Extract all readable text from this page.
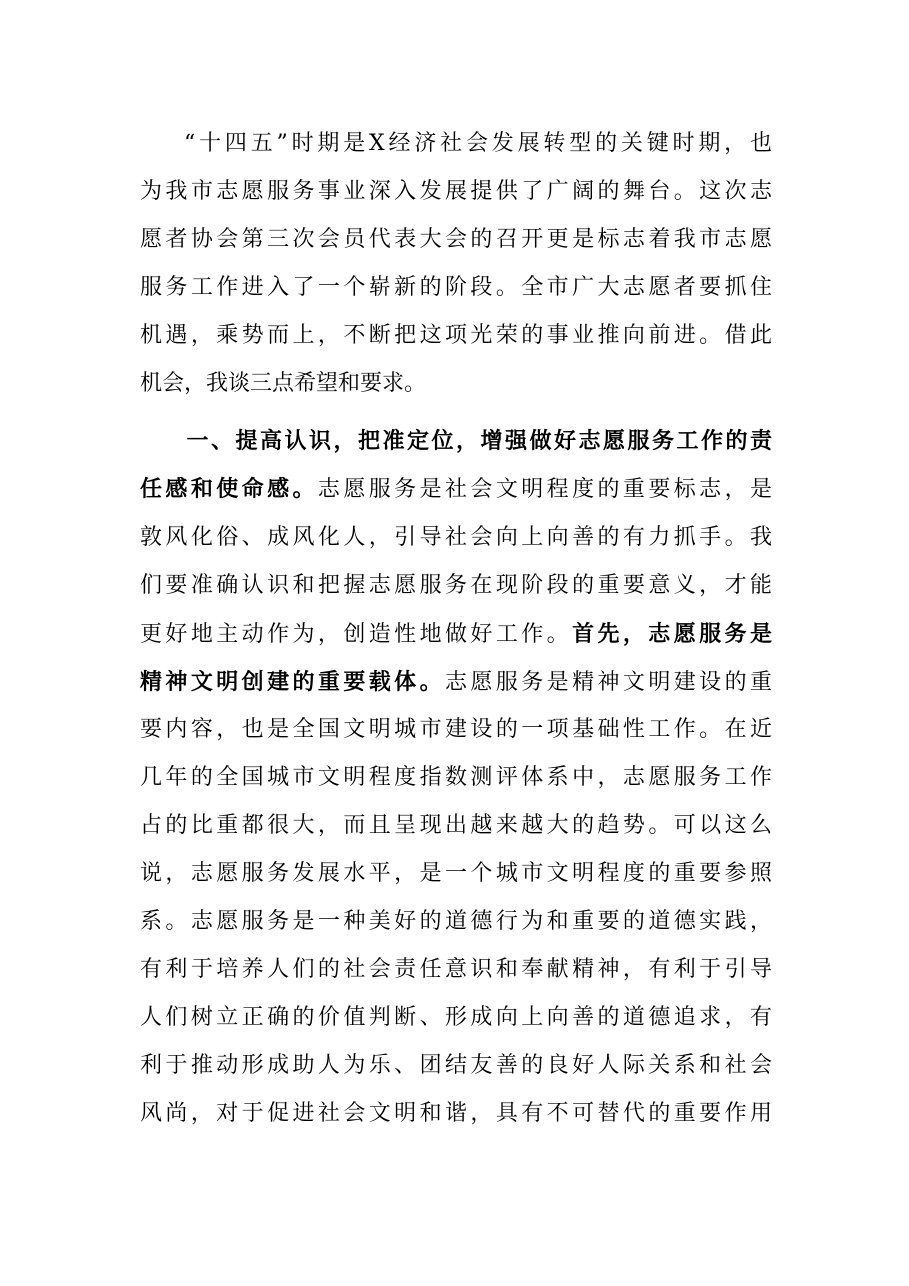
“十四五”时期是X经济社会发展转型的关键时期，也
为我市志愿服务事业深入发展提供了广阔的舞台。这次志
愿者协会第三次会员代表大会的召开更是标志着我市志愿
服务工作进入了一个崭新的阶段。全市广大志愿者要抓住
机遇，乘势而上，不断把这项光荣的事业推向前进。借此
机会，我谈三点希望和要求。
一、提高认识，把准定位，增强做好志愿服务工作的责
任感和使命感。志愿服务是社会文明程度的重要标志，是
敦风化俗、成风化人，引导社会向上向善的有力抓手。我
们要准确认识和把握志愿服务在现阶段的重要意义，才能
更好地主动作为，创造性地做好工作。首先，志愿服务是
精神文明创建的重要载体。志愿服务是精神文明建设的重
要内容，也是全国文明城市建设的一项基础性工作。在近
几年的全国城市文明程度指数测评体系中，志愿服务工作
占的比重都很大，而且呈现出越来越大的趋势。可以这么
说，志愿服务发展水平，是一个城市文明程度的重要参照
系。志愿服务是一种美好的道德行为和重要的道德实践，
有利于培养人们的社会责任意识和奉献精神，有利于引导
人们树立正确的价值判断、形成向上向善的道德追求，有
利于推动形成助人为乐、团结友善的良好人际关系和社会
风尚，对于促进社会文明和谐，具有不可替代的重要作用
